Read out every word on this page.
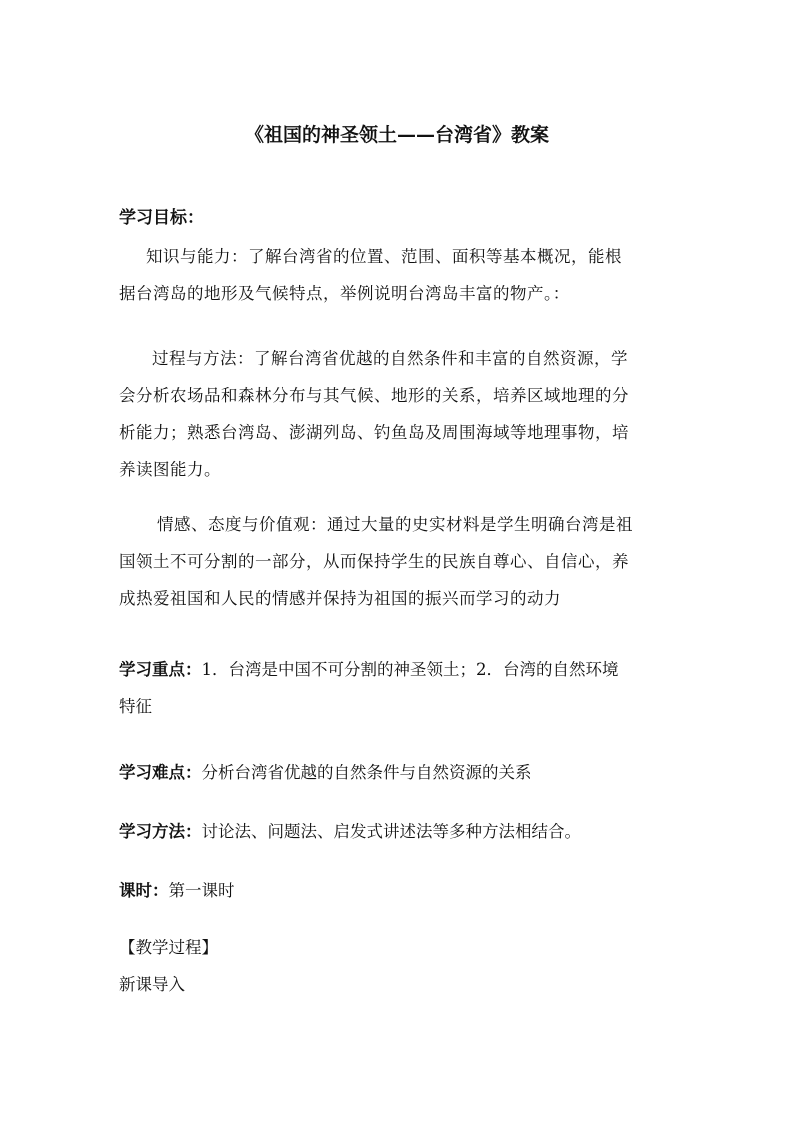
《祖国的神圣领土——台湾省》教案
学习目标：
知识与能力：了解台湾省的位置、范围、面积等基本概况，能根
据台湾岛的地形及气候特点，举例说明台湾岛丰富的物产。：
过程与方法：了解台湾省优越的自然条件和丰富的自然资源，学
会分析农场品和森林分布与其气候、地形的关系，培养区域地理的分
析能力；熟悉台湾岛、澎湖列岛、钓鱼岛及周围海域等地理事物，培
养读图能力。
情感、态度与价值观：通过大量的史实材料是学生明确台湾是祖
国领土不可分割的一部分，从而保持学生的民族自尊心、自信心，养
成热爱祖国和人民的情感并保持为祖国的振兴而学习的动力
学习重点：1．台湾是中国不可分割的神圣领土；2．台湾的自然环境
特征
学习难点：分析台湾省优越的自然条件与自然资源的关系
学习方法：讨论法、问题法、启发式讲述法等多种方法相结合。
课时：第一课时
【教学过程】
新课导入
